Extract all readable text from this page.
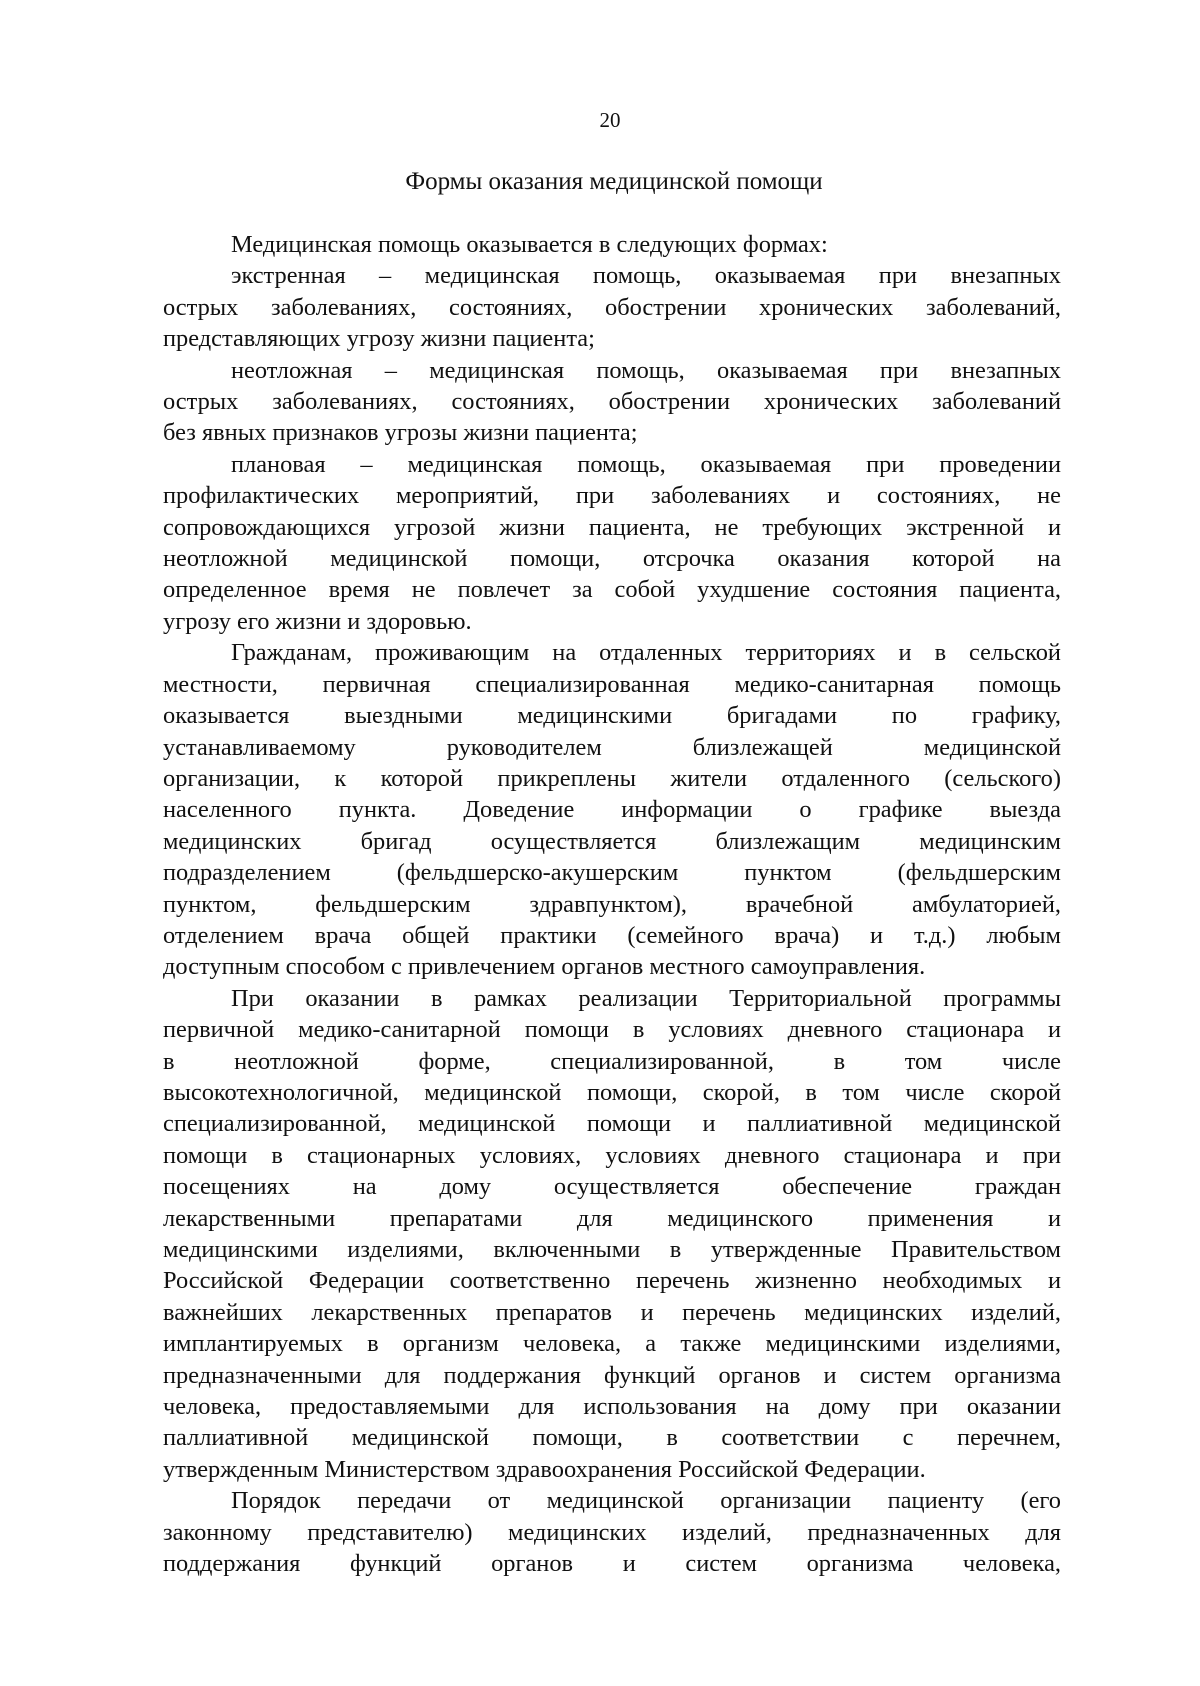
20
Формы оказания медицинской помощи

Медицинская помощь оказывается в следующих формах:

экстренная – медицинская помощь, оказываемая при внезапных
острых заболеваниях, состояниях, обострении хронических заболеваний,
представляющих угрозу жизни пациента;

неотложная – медицинская помощь, оказываемая при внезапных
острых заболеваниях, состояниях, обострении хронических заболеваний
без явных признаков угрозы жизни пациента;

плановая – медицинская помощь, оказываемая при проведении
профилактических мероприятий, при заболеваниях и состояниях, не
сопровождающихся угрозой жизни пациента, не требующих экстренной и
неотложной медицинской помощи, отсрочка оказания которой на
определенное время не повлечет за собой ухудшение состояния пациента,
угрозу его жизни и здоровью.

Гражданам, проживающим на отдаленных территориях и в сельской
местности, первичная специализированная медико-санитарная помощь
оказывается выездными медицинскими бригадами по графику,
устанавливаемому руководителем близлежащей медицинской
организации, к которой прикреплены жители отдаленного (сельского)
населенного пункта. Доведение информации о графике выезда
медицинских бригад осуществляется близлежащим медицинским
подразделением (фельдшерско-акушерским пунктом (фельдшерским
пунктом, фельдшерским здравпунктом), врачебной амбулаторией,
отделением врача общей практики (семейного врача) и т.д.) любым
доступным способом с привлечением органов местного самоуправления.

При оказании в рамках реализации Территориальной программы
первичной медико-санитарной помощи в условиях дневного стационара и
в неотложной форме, специализированной, в том числе
высокотехнологичной, медицинской помощи, скорой, в том числе скорой
специализированной, медицинской помощи и паллиативной медицинской
помощи в стационарных условиях, условиях дневного стационара и при
посещениях на дому осуществляется обеспечение граждан
лекарственными препаратами для медицинского применения и
медицинскими изделиями, включенными в утвержденные Правительством
Российской Федерации соответственно перечень жизненно необходимых и
важнейших лекарственных препаратов и перечень медицинских изделий,
имплантируемых в организм человека, а также медицинскими изделиями,
предназначенными для поддержания функций органов и систем организма
человека, предоставляемыми для использования на дому при оказании
паллиативной медицинской помощи, в соответствии с перечнем,
утвержденным Министерством здравоохранения Российской Федерации.

Порядок передачи от медицинской организации пациенту (его
законному представителю) медицинских изделий, предназначенных для
поддержания функций органов и систем организма человека,
